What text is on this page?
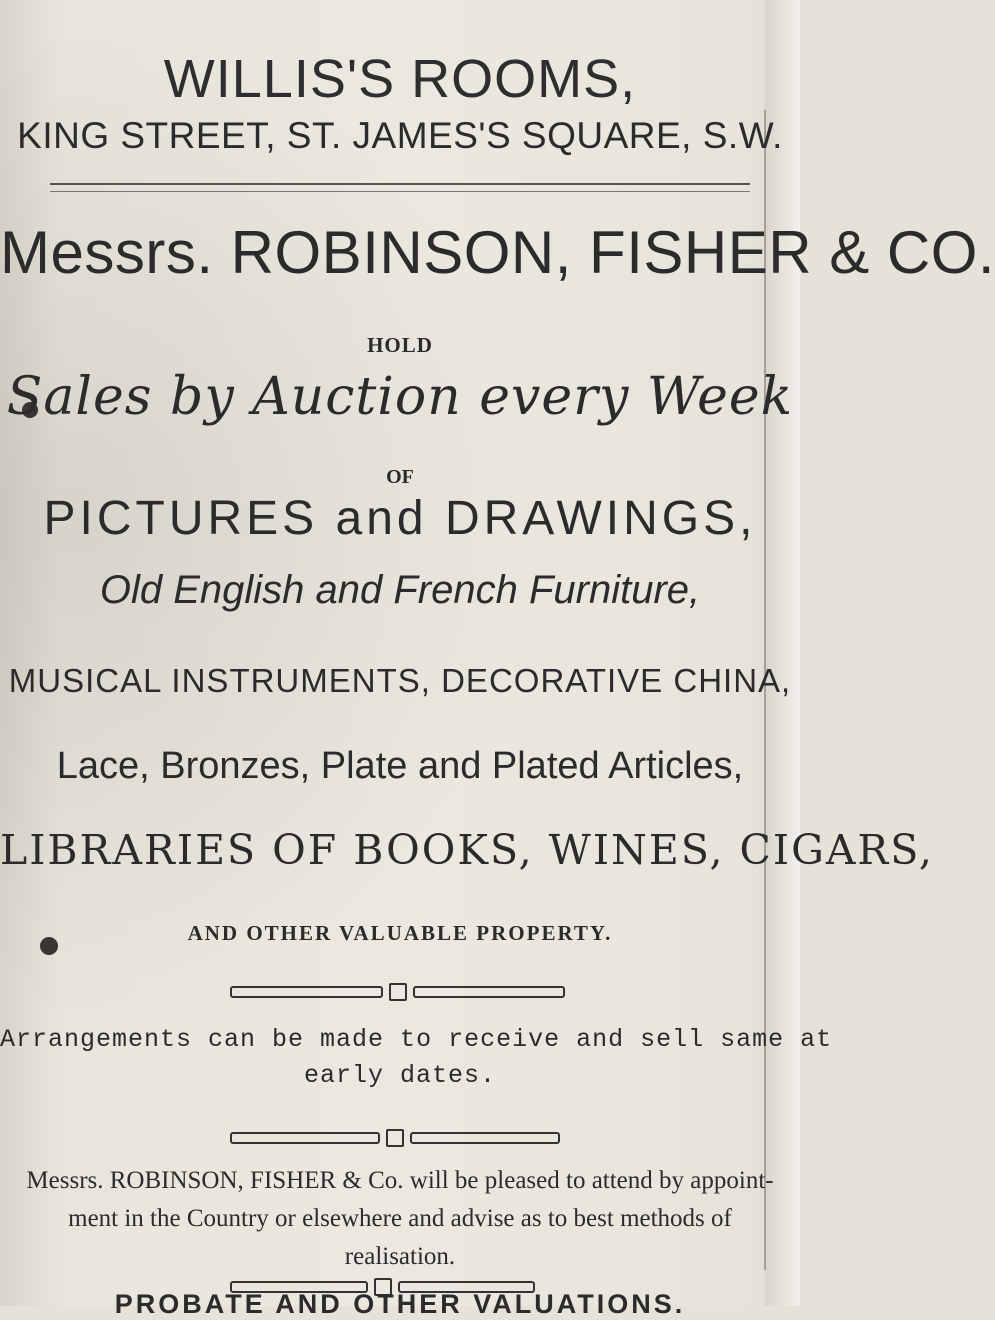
WILLIS'S ROOMS,
KING STREET, ST. JAMES'S SQUARE, S.W.
Messrs. ROBINSON, FISHER & CO.
HOLD
Sales by Auction every Week
OF
PICTURES and DRAWINGS,
Old English and French Furniture,
MUSICAL INSTRUMENTS, DECORATIVE CHINA,
Lace, Bronzes, Plate and Plated Articles,
LIBRARIES OF BOOKS, WINES, CIGARS,
AND OTHER VALUABLE PROPERTY.
Arrangements can be made to receive and sell same at
early dates.
Messrs. ROBINSON, FISHER & Co. will be pleased to attend by appoint-
ment in the Country or elsewhere and advise as to best methods of
realisation.
PROBATE AND OTHER VALUATIONS.
